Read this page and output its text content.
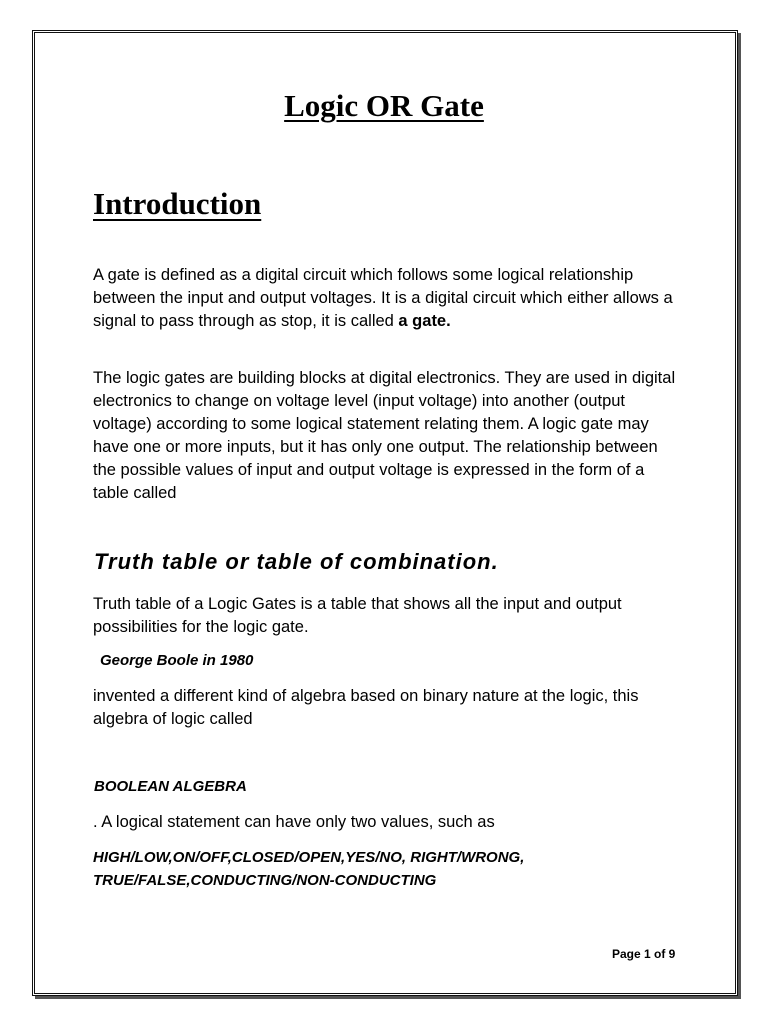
Logic OR Gate
Introduction
A gate is defined as a digital circuit which follows some logical relationship between the input and output voltages. It is a digital circuit which either allows a signal to pass through as stop, it is called a gate.
The logic gates are building blocks at digital electronics. They are used in digital electronics to change on voltage level (input voltage) into another (output voltage) according to some logical statement relating them. A logic gate may have one or more inputs, but it has only one output. The relationship between the possible values of input and output voltage is expressed in the form of a table called
Truth table or table of combination.
Truth table of a Logic Gates is a table that shows all the input and output possibilities for the logic gate.
George Boole in 1980
invented a different kind of algebra based on binary nature at the logic, this algebra of logic called
BOOLEAN ALGEBRA
. A logical statement can have only two values, such as
HIGH/LOW,ON/OFF,CLOSED/OPEN,YES/NO, RIGHT/WRONG, TRUE/FALSE,CONDUCTING/NON-CONDUCTING
Page 1 of 9
